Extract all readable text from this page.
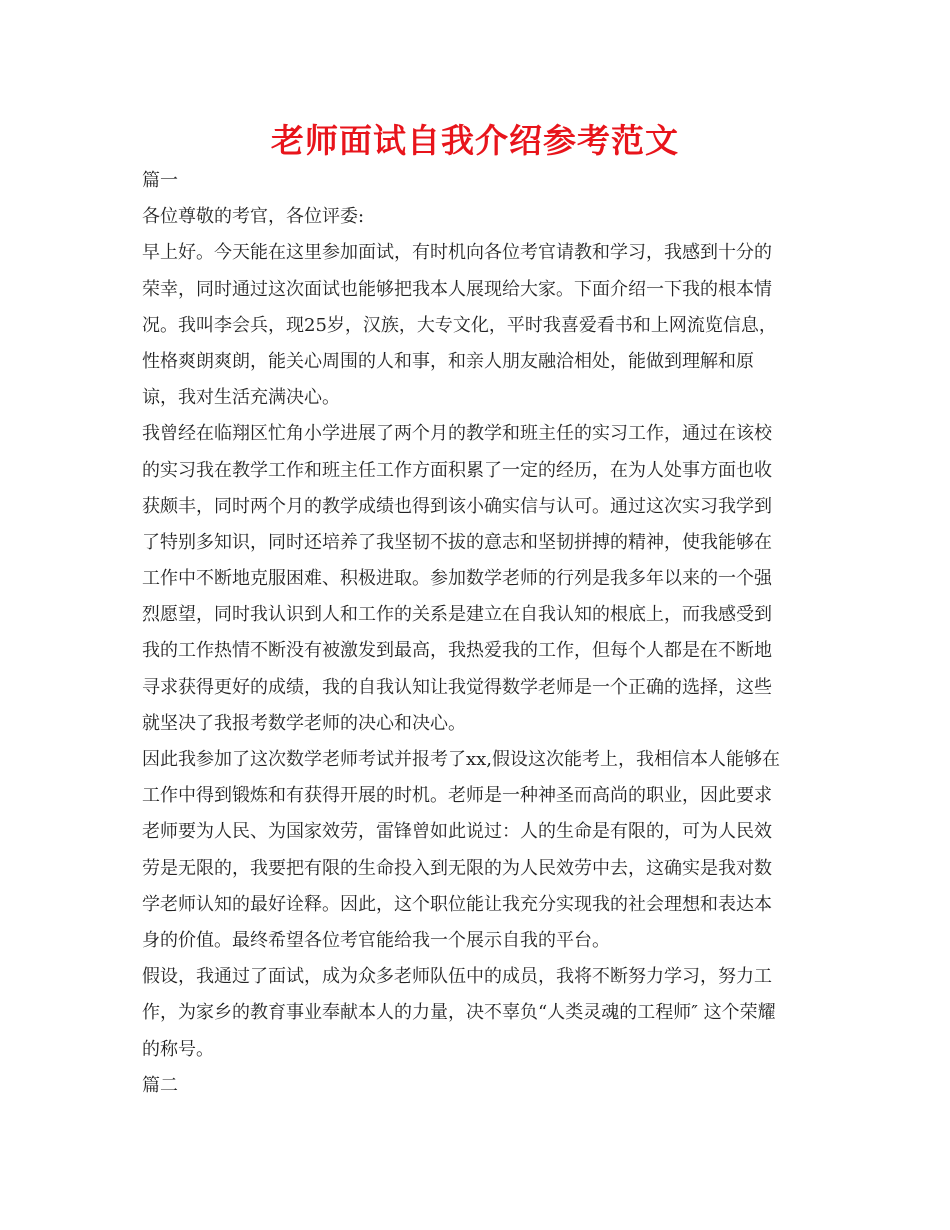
老师面试自我介绍参考范文
篇一
各位尊敬的考官，各位评委:
早上好。今天能在这里参加面试，有时机向各位考官请教和学习，我感到十分的
荣幸，同时通过这次面试也能够把我本人展现给大家。下面介绍一下我的根本情
况。我叫李会兵，现25岁，汉族，大专文化，平时我喜爱看书和上网流览信息，
性格爽朗爽朗，能关心周围的人和事，和亲人朋友融洽相处，能做到理解和原
谅，我对生活充满决心。
我曾经在临翔区忙角小学进展了两个月的教学和班主任的实习工作，通过在该校
的实习我在教学工作和班主任工作方面积累了一定的经历，在为人处事方面也收
获颇丰，同时两个月的教学成绩也得到该小确实信与认可。通过这次实习我学到
了特别多知识，同时还培养了我坚韧不拔的意志和坚韧拼搏的精神，使我能够在
工作中不断地克服困难、积极进取。参加数学老师的行列是我多年以来的一个强
烈愿望，同时我认识到人和工作的关系是建立在自我认知的根底上，而我感受到
我的工作热情不断没有被激发到最高，我热爱我的工作，但每个人都是在不断地
寻求获得更好的成绩，我的自我认知让我觉得数学老师是一个正确的选择，这些
就坚决了我报考数学老师的决心和决心。
因此我参加了这次数学老师考试并报考了xx,假设这次能考上，我相信本人能够在
工作中得到锻炼和有获得开展的时机。老师是一种神圣而高尚的职业，因此要求
老师要为人民、为国家效劳，雷锋曾如此说过：人的生命是有限的，可为人民效
劳是无限的，我要把有限的生命投入到无限的为人民效劳中去，这确实是我对数
学老师认知的最好诠释。因此，这个职位能让我充分实现我的社会理想和表达本
身的价值。最终希望各位考官能给我一个展示自我的平台。
假设，我通过了面试，成为众多老师队伍中的成员，我将不断努力学习，努力工
作，为家乡的教育事业奉献本人的力量，决不辜负“人类灵魂的工程师″ 这个荣耀
的称号。
篇二
